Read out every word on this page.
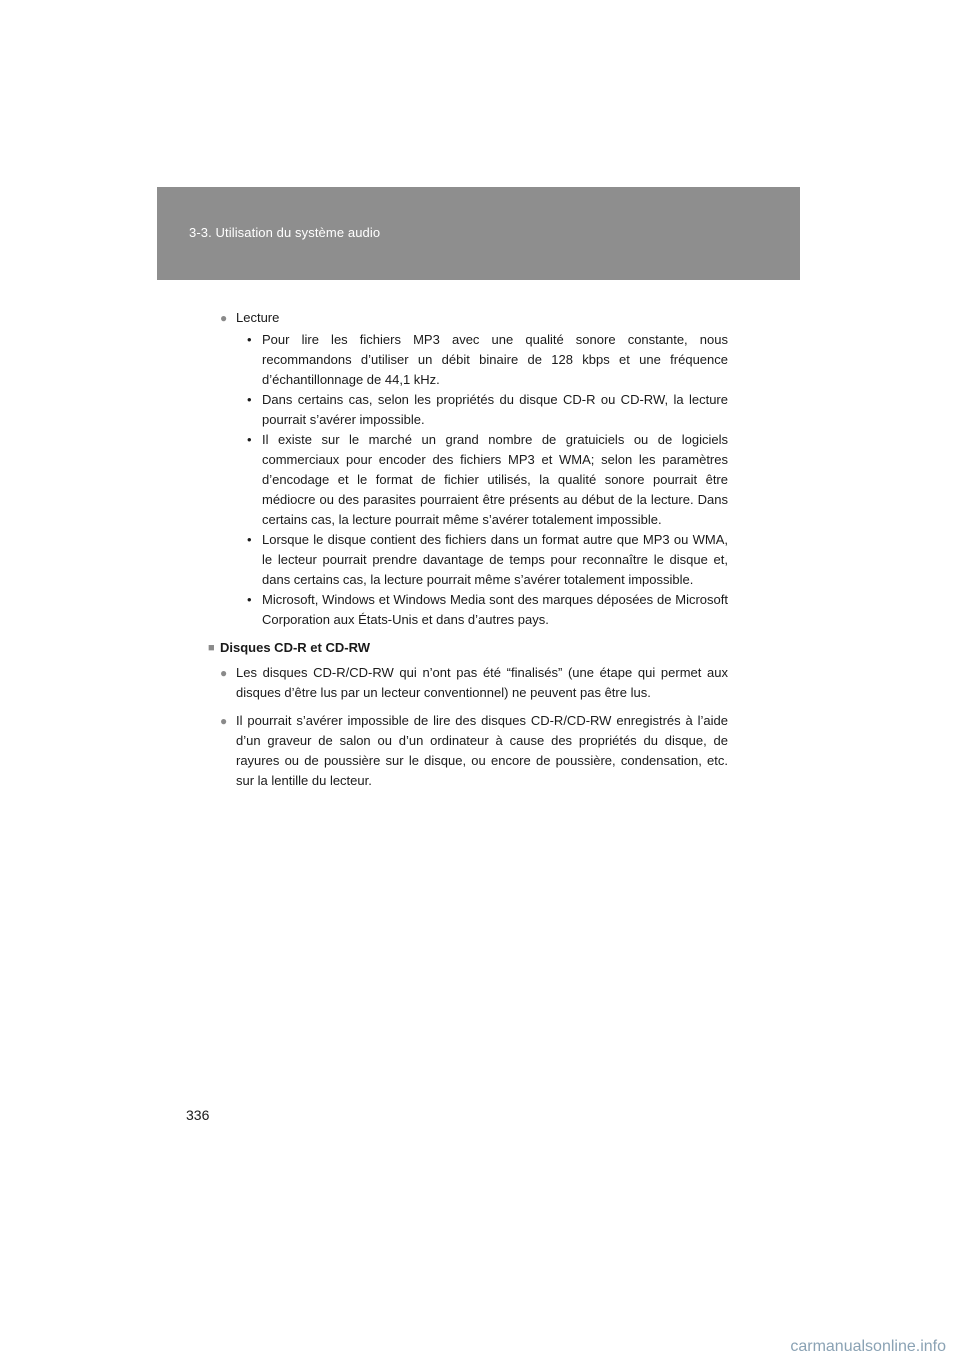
3-3. Utilisation du système audio
● Lecture
• Pour lire les fichiers MP3 avec une qualité sonore constante, nous recommandons d’utiliser un débit binaire de 128 kbps et une fréquence d’échantillonnage de 44,1 kHz.
• Dans certains cas, selon les propriétés du disque CD-R ou CD-RW, la lecture pourrait s’avérer impossible.
• Il existe sur le marché un grand nombre de gratuiciels ou de logiciels commerciaux pour encoder des fichiers MP3 et WMA; selon les paramètres d’encodage et le format de fichier utilisés, la qualité sonore pourrait être médiocre ou des parasites pourraient être présents au début de la lecture. Dans certains cas, la lecture pourrait même s’avérer totalement impossible.
• Lorsque le disque contient des fichiers dans un format autre que MP3 ou WMA, le lecteur pourrait prendre davantage de temps pour reconnaître le disque et, dans certains cas, la lecture pourrait même s’avérer totalement impossible.
• Microsoft, Windows et Windows Media sont des marques déposées de Microsoft Corporation aux États-Unis et dans d’autres pays.
■ Disques CD-R et CD-RW
● Les disques CD-R/CD-RW qui n’ont pas été “finalisés” (une étape qui permet aux disques d’être lus par un lecteur conventionnel) ne peuvent pas être lus.
● Il pourrait s’avérer impossible de lire des disques CD-R/CD-RW enregistrés à l’aide d’un graveur de salon ou d’un ordinateur à cause des propriétés du disque, de rayures ou de poussière sur le disque, ou encore de poussière, condensation, etc. sur la lentille du lecteur.
336
carmanualsonline.info
